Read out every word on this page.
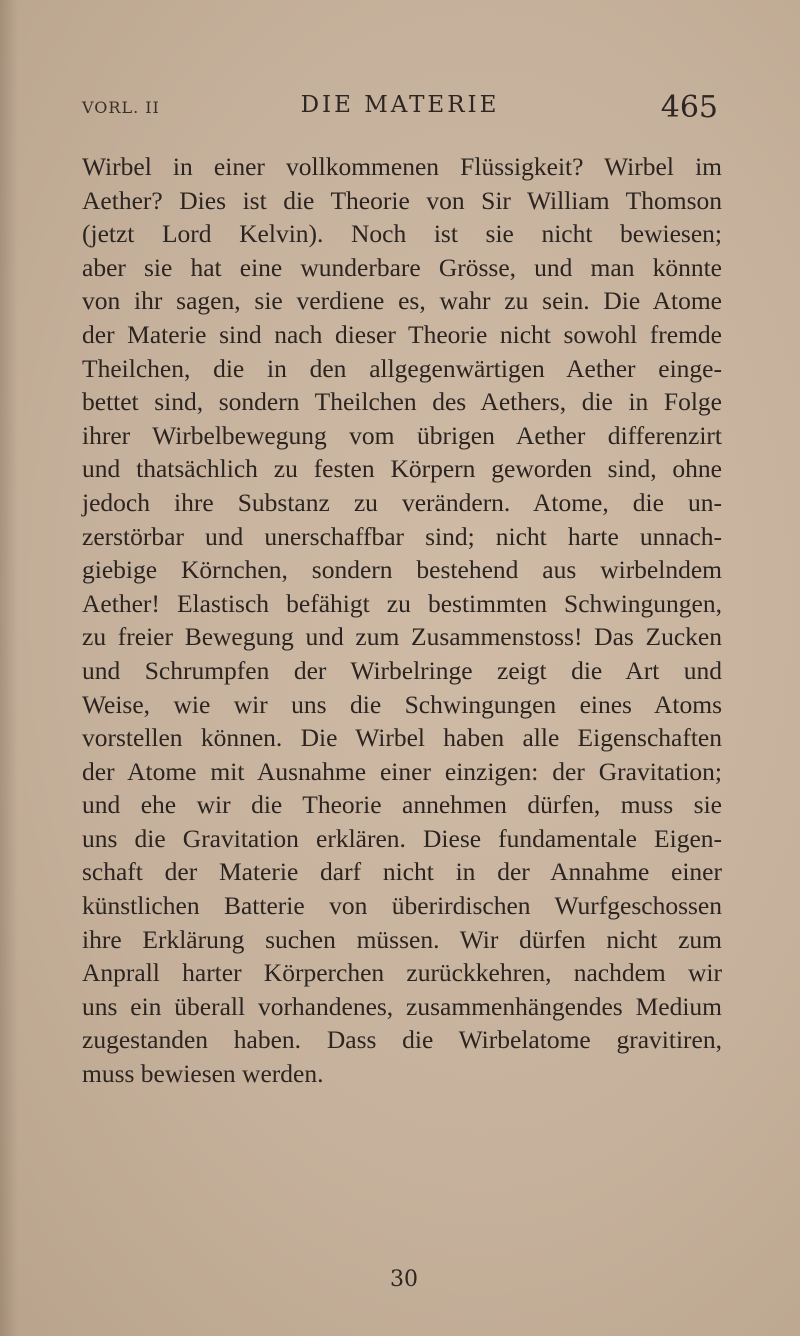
VORL. II	DIE MATERIE	465
Wirbel in einer vollkommenen Flüssigkeit? Wirbel im
Aether? Dies ist die Theorie von Sir William Thomson
(jetzt Lord Kelvin). Noch ist sie nicht bewiesen;
aber sie hat eine wunderbare Grösse, und man könnte
von ihr sagen, sie verdiene es, wahr zu sein. Die Atome
der Materie sind nach dieser Theorie nicht sowohl fremde
Theilchen, die in den allgegenwärtigen Aether einge-
bettet sind, sondern Theilchen des Aethers, die in Folge
ihrer Wirbelbewegung vom übrigen Aether differenzirt
und thatsächlich zu festen Körpern geworden sind, ohne
jedoch ihre Substanz zu verändern. Atome, die un-
zerstörbar und unerschaffbar sind; nicht harte unnach-
giebige Körnchen, sondern bestehend aus wirbelndem
Aether! Elastisch befähigt zu bestimmten Schwingungen,
zu freier Bewegung und zum Zusammenstoss! Das Zucken
und Schrumpfen der Wirbelringe zeigt die Art und
Weise, wie wir uns die Schwingungen eines Atoms
vorstellen können. Die Wirbel haben alle Eigenschaften
der Atome mit Ausnahme einer einzigen: der Gravitation;
und ehe wir die Theorie annehmen dürfen, muss sie
uns die Gravitation erklären. Diese fundamentale Eigen-
schaft der Materie darf nicht in der Annahme einer
künstlichen Batterie von überirdischen Wurfgeschossen
ihre Erklärung suchen müssen. Wir dürfen nicht zum
Anprall harter Körperchen zurückkehren, nachdem wir
uns ein überall vorhandenes, zusammenhängendes Medium
zugestanden haben. Dass die Wirbelatome gravitiren,
muss bewiesen werden.
30
